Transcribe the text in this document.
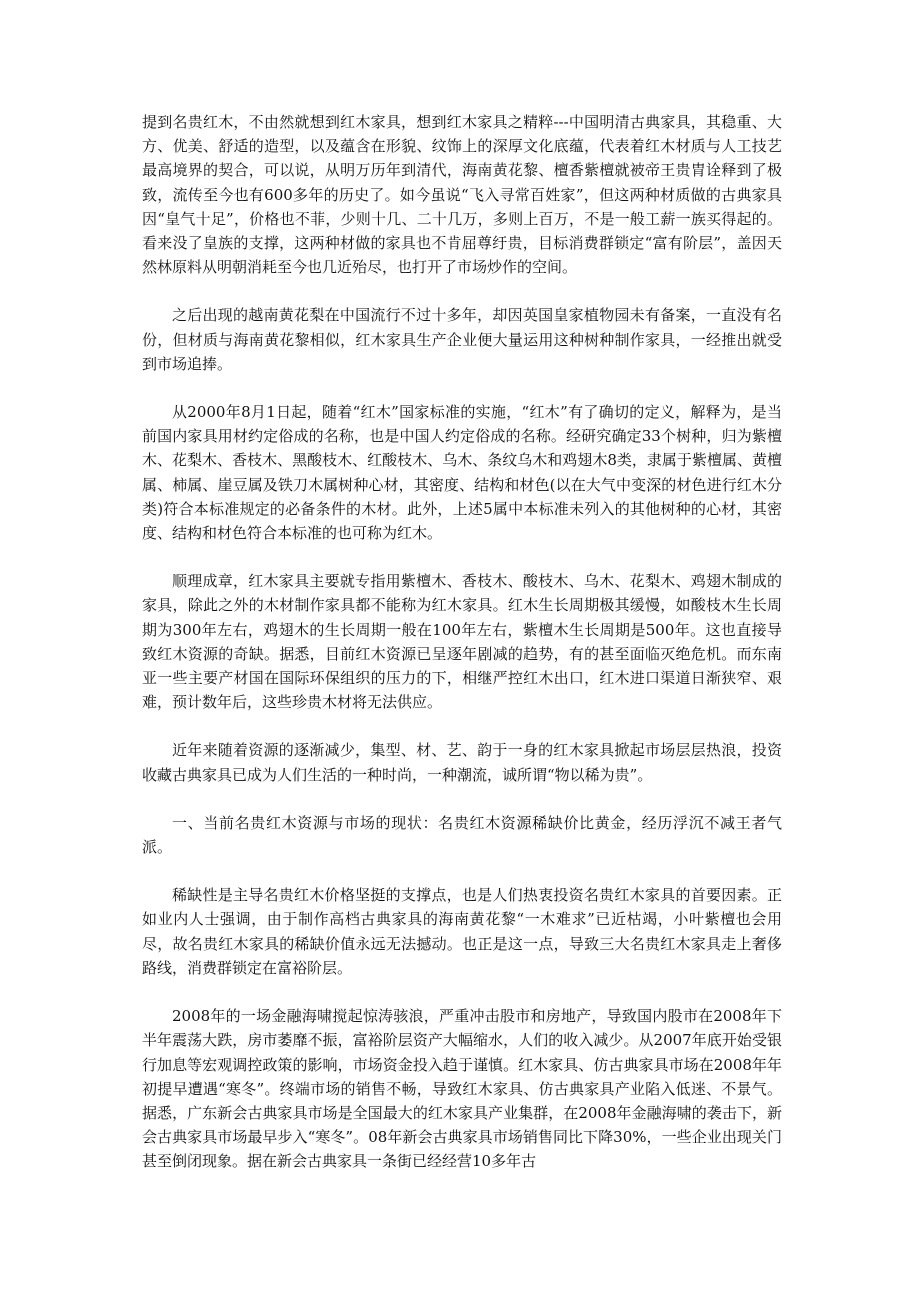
提到名贵红木，不由然就想到红木家具，想到红木家具之精粹---中国明清古典家具，其稳重、大方、优美、舒适的造型，以及蕴含在形貌、纹饰上的深厚文化底蕴，代表着红木材质与人工技艺最高境界的契合，可以说，从明万历年到清代，海南黄花黎、檀香紫檀就被帝王贵胄诠释到了极致，流传至今也有600多年的历史了。如今虽说“飞入寻常百姓家”，但这两种材质做的古典家具因“皇气十足”，价格也不菲，少则十几、二十几万，多则上百万，不是一般工薪一族买得起的。看来没了皇族的支撑，这两种材做的家具也不肯屈尊纡贵，目标消费群锁定“富有阶层”，盖因天然林原料从明朝消耗至今也几近殆尽，也打开了市场炒作的空间。

之后出现的越南黄花梨在中国流行不过十多年，却因英国皇家植物园未有备案，一直没有名份，但材质与海南黄花黎相似，红木家具生产企业便大量运用这种树种制作家具，一经推出就受到市场追捧。

从2000年8月1日起，随着“红木”国家标准的实施，“红木”有了确切的定义，解释为，是当前国内家具用材约定俗成的名称，也是中国人约定俗成的名称。经研究确定33个树种，归为紫檀木、花梨木、香枝木、黑酸枝木、红酸枝木、乌木、条纹乌木和鸡翅木8类，隶属于紫檀属、黄檀属、柿属、崖豆属及铁刀木属树种心材，其密度、结构和材色(以在大气中变深的材色进行红木分类)符合本标准规定的必备条件的木材。此外，上述5属中本标准未列入的其他树种的心材，其密度、结构和材色符合本标准的也可称为红木。

顺理成章，红木家具主要就专指用紫檀木、香枝木、酸枝木、乌木、花梨木、鸡翅木制成的家具，除此之外的木材制作家具都不能称为红木家具。红木生长周期极其缓慢，如酸枝木生长周期为300年左右，鸡翅木的生长周期一般在100年左右，紫檀木生长周期是500年。这也直接导致红木资源的奇缺。据悉，目前红木资源已呈逐年剧减的趋势，有的甚至面临灭绝危机。而东南亚一些主要产材国在国际环保组织的压力的下，相继严控红木出口，红木进口渠道日渐狭窄、艰难，预计数年后，这些珍贵木材将无法供应。

近年来随着资源的逐渐减少，集型、材、艺、韵于一身的红木家具掀起市场层层热浪，投资收藏古典家具已成为人们生活的一种时尚，一种潮流，诚所谓“物以稀为贵”。

一、当前名贵红木资源与市场的现状：名贵红木资源稀缺价比黄金，经历浮沉不减王者气派。

稀缺性是主导名贵红木价格坚挺的支撑点，也是人们热衷投资名贵红木家具的首要因素。正如业内人士强调，由于制作高档古典家具的海南黄花黎“一木难求”已近枯竭，小叶紫檀也会用尽，故名贵红木家具的稀缺价值永远无法撼动。也正是这一点，导致三大名贵红木家具走上奢侈路线，消费群锁定在富裕阶层。

2008年的一场金融海啸搅起惊涛骇浪，严重冲击股市和房地产，导致国内股市在2008年下半年震荡大跌，房市萎靡不振，富裕阶层资产大幅缩水，人们的收入减少。从2007年底开始受银行加息等宏观调控政策的影响，市场资金投入趋于谨慎。红木家具、仿古典家具市场在2008年年初提早遭遇“寒冬”。终端市场的销售不畅，导致红木家具、仿古典家具产业陷入低迷、不景气。据悉，广东新会古典家具市场是全国最大的红木家具产业集群，在2008年金融海啸的袭击下，新会古典家具市场最早步入“寒冬”。08年新会古典家具市场销售同比下降30%，一些企业出现关门甚至倒闭现象。据在新会古典家具一条街已经经营10多年古
